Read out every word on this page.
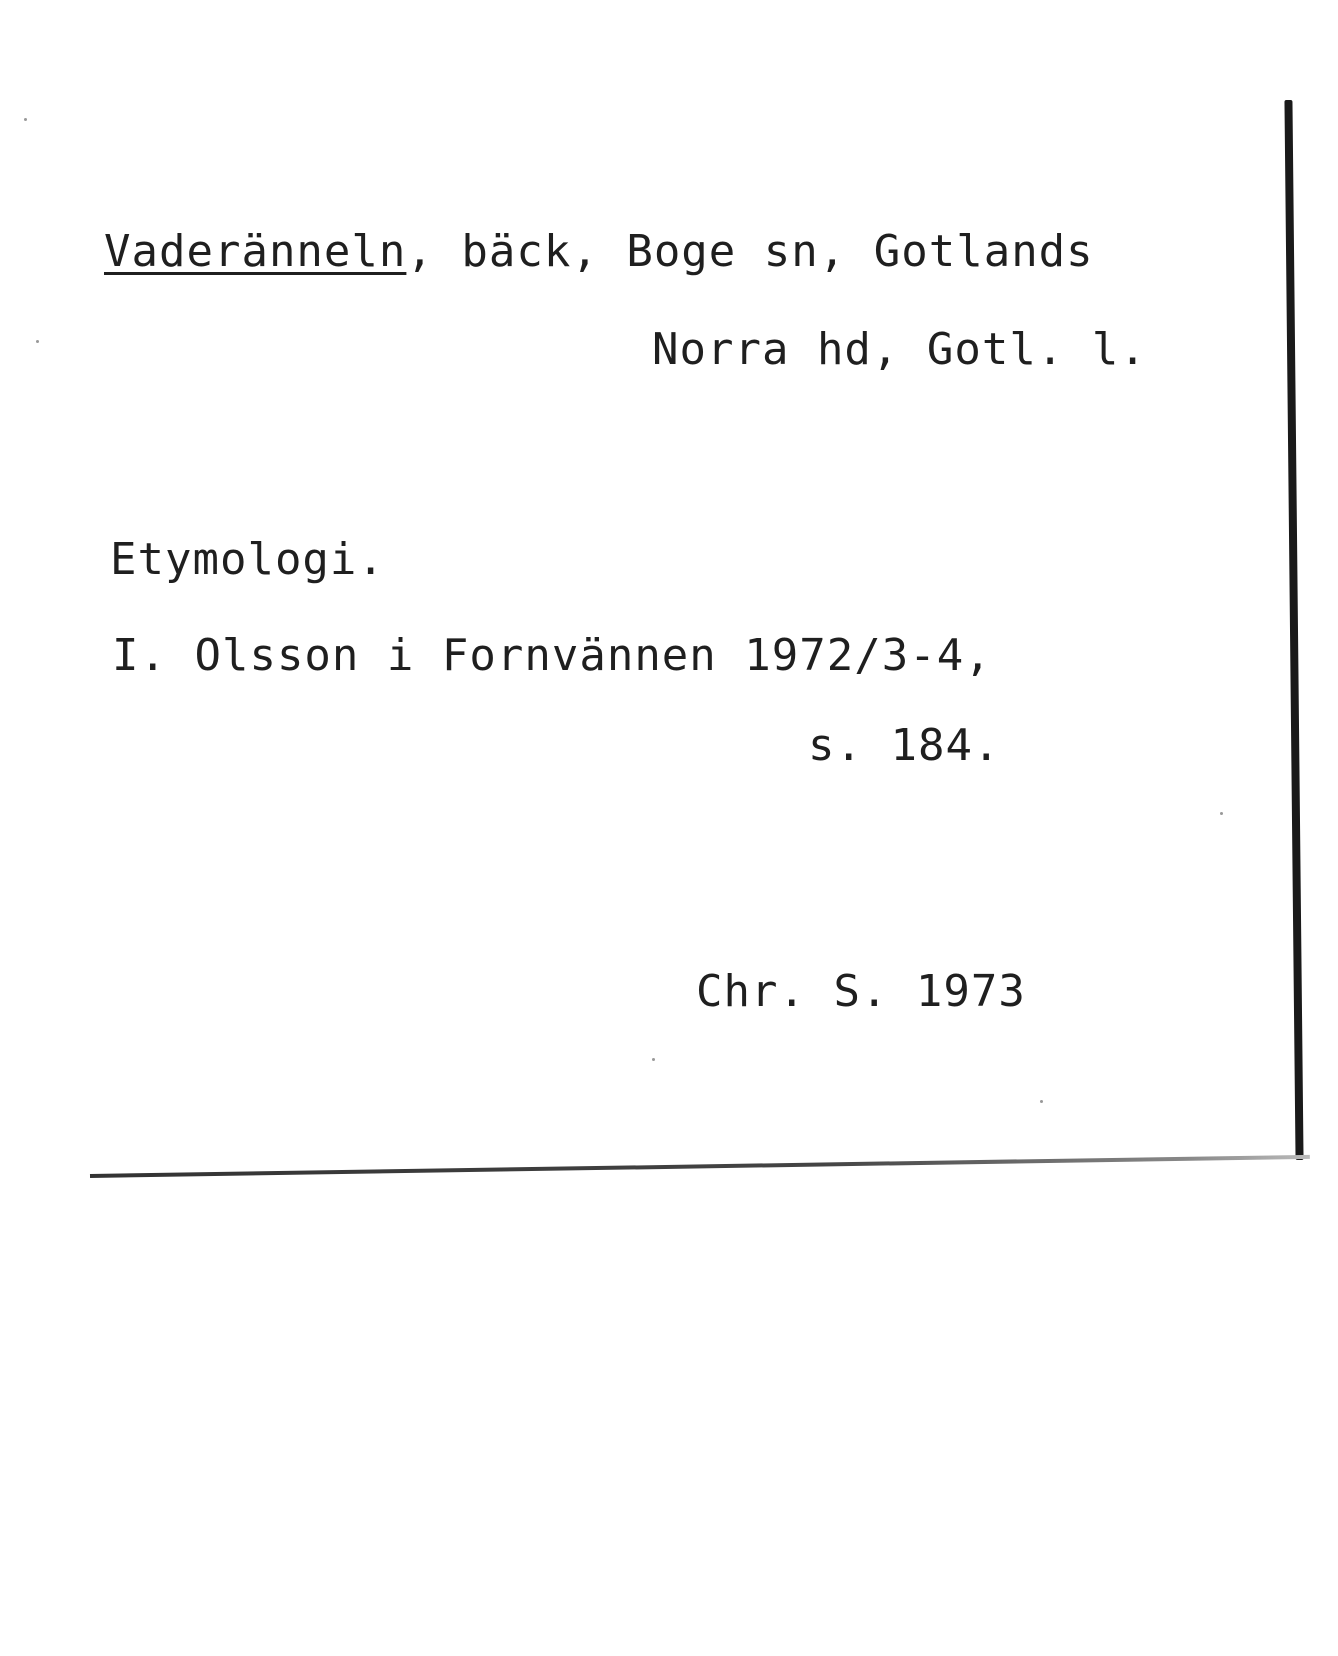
Vaderänneln, bäck, Boge sn, Gotlands
Norra hd, Gotl. l.
Etymologi.
I. Olsson i Fornvännen 1972/3-4,
s. 184.
Chr. S. 1973
